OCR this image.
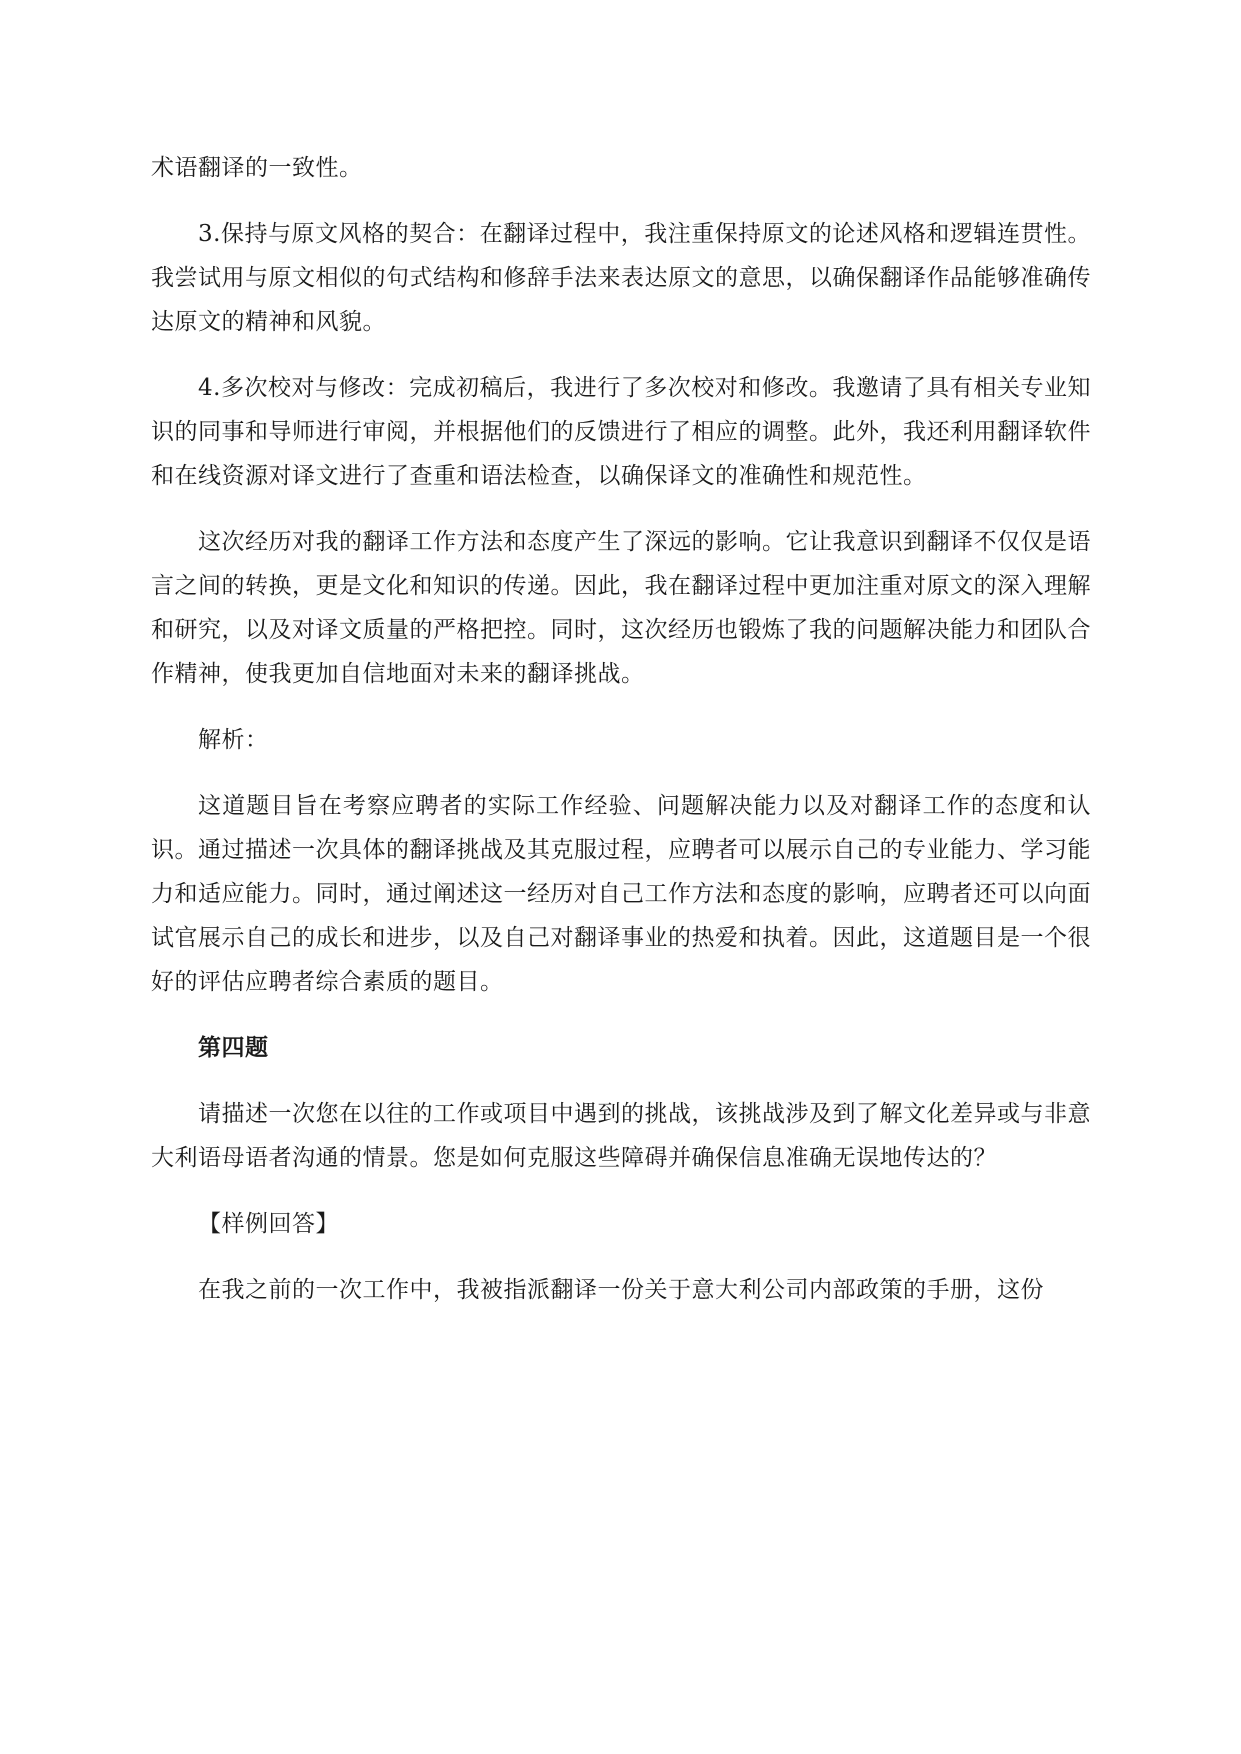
术语翻译的一致性。

3.保持与原文风格的契合：在翻译过程中，我注重保持原文的论述风格和逻辑连贯性。我尝试用与原文相似的句式结构和修辞手法来表达原文的意思，以确保翻译作品能够准确传达原文的精神和风貌。

4.多次校对与修改：完成初稿后，我进行了多次校对和修改。我邀请了具有相关专业知识的同事和导师进行审阅，并根据他们的反馈进行了相应的调整。此外，我还利用翻译软件和在线资源对译文进行了查重和语法检查，以确保译文的准确性和规范性。

这次经历对我的翻译工作方法和态度产生了深远的影响。它让我意识到翻译不仅仅是语言之间的转换，更是文化和知识的传递。因此，我在翻译过程中更加注重对原文的深入理解和研究，以及对译文质量的严格把控。同时，这次经历也锻炼了我的问题解决能力和团队合作精神，使我更加自信地面对未来的翻译挑战。

解析：

这道题目旨在考察应聘者的实际工作经验、问题解决能力以及对翻译工作的态度和认识。通过描述一次具体的翻译挑战及其克服过程，应聘者可以展示自己的专业能力、学习能力和适应能力。同时，通过阐述这一经历对自己工作方法和态度的影响，应聘者还可以向面试官展示自己的成长和进步，以及自己对翻译事业的热爱和执着。因此，这道题目是一个很好的评估应聘者综合素质的题目。

第四题

请描述一次您在以往的工作或项目中遇到的挑战，该挑战涉及到了解文化差异或与非意大利语母语者沟通的情景。您是如何克服这些障碍并确保信息准确无误地传达的？

【样例回答】

在我之前的一次工作中，我被指派翻译一份关于意大利公司内部政策的手册，这份
